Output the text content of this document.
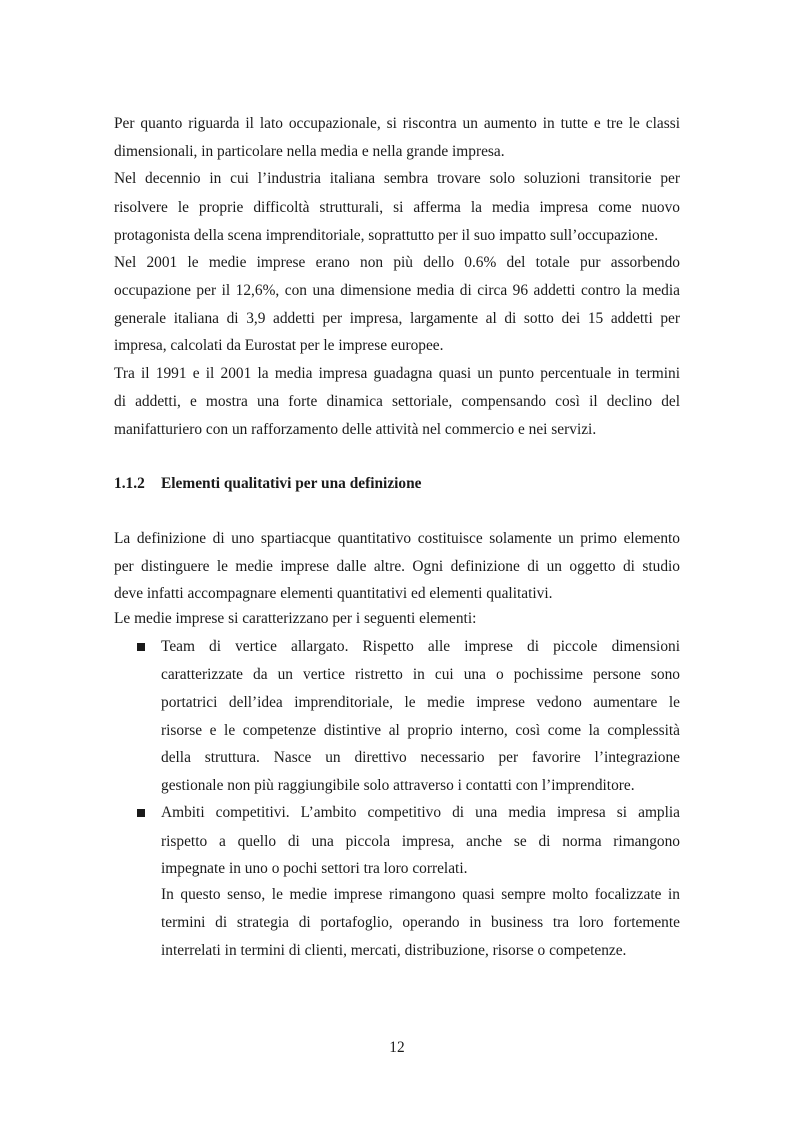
Per quanto riguarda il lato occupazionale, si riscontra un aumento in tutte e tre le classi
dimensionali, in particolare nella media e nella grande impresa.
Nel decennio in cui l’industria italiana sembra trovare solo soluzioni transitorie per
risolvere le proprie difficoltà strutturali, si afferma la media impresa come nuovo
protagonista della scena imprenditoriale, soprattutto per il suo impatto sull’occupazione.
Nel 2001 le medie imprese erano non più dello 0.6% del totale pur assorbendo
occupazione per il 12,6%, con una dimensione media di circa 96 addetti contro la media
generale italiana di 3,9 addetti per impresa, largamente al di sotto dei 15 addetti per
impresa, calcolati da Eurostat per le imprese europee.
Tra il 1991 e il 2001 la media impresa guadagna quasi un punto percentuale in termini
di addetti, e mostra una forte dinamica settoriale, compensando così il declino del
manifatturiero con un rafforzamento delle attività nel commercio e nei servizi.
1.1.2 Elementi qualitativi per una definizione
La definizione di uno spartiacque quantitativo costituisce solamente un primo elemento
per distinguere le medie imprese dalle altre. Ogni definizione di un oggetto di studio
deve infatti accompagnare elementi quantitativi ed elementi qualitativi.
Le medie imprese si caratterizzano per i seguenti elementi:
Team di vertice allargato. Rispetto alle imprese di piccole dimensioni
caratterizzate da un vertice ristretto in cui una o pochissime persone sono
portatrici dell’idea imprenditoriale, le medie imprese vedono aumentare le
risorse e le competenze distintive al proprio interno, così come la complessità
della struttura. Nasce un direttivo necessario per favorire l’integrazione
gestionale non più raggiungibile solo attraverso i contatti con l’imprenditore.
Ambiti competitivi. L’ambito competitivo di una media impresa si amplia
rispetto a quello di una piccola impresa, anche se di norma rimangono
impegnate in uno o pochi settori tra loro correlati.
In questo senso, le medie imprese rimangono quasi sempre molto focalizzate in
termini di strategia di portafoglio, operando in business tra loro fortemente
interrelati in termini di clienti, mercati, distribuzione, risorse o competenze.
12
